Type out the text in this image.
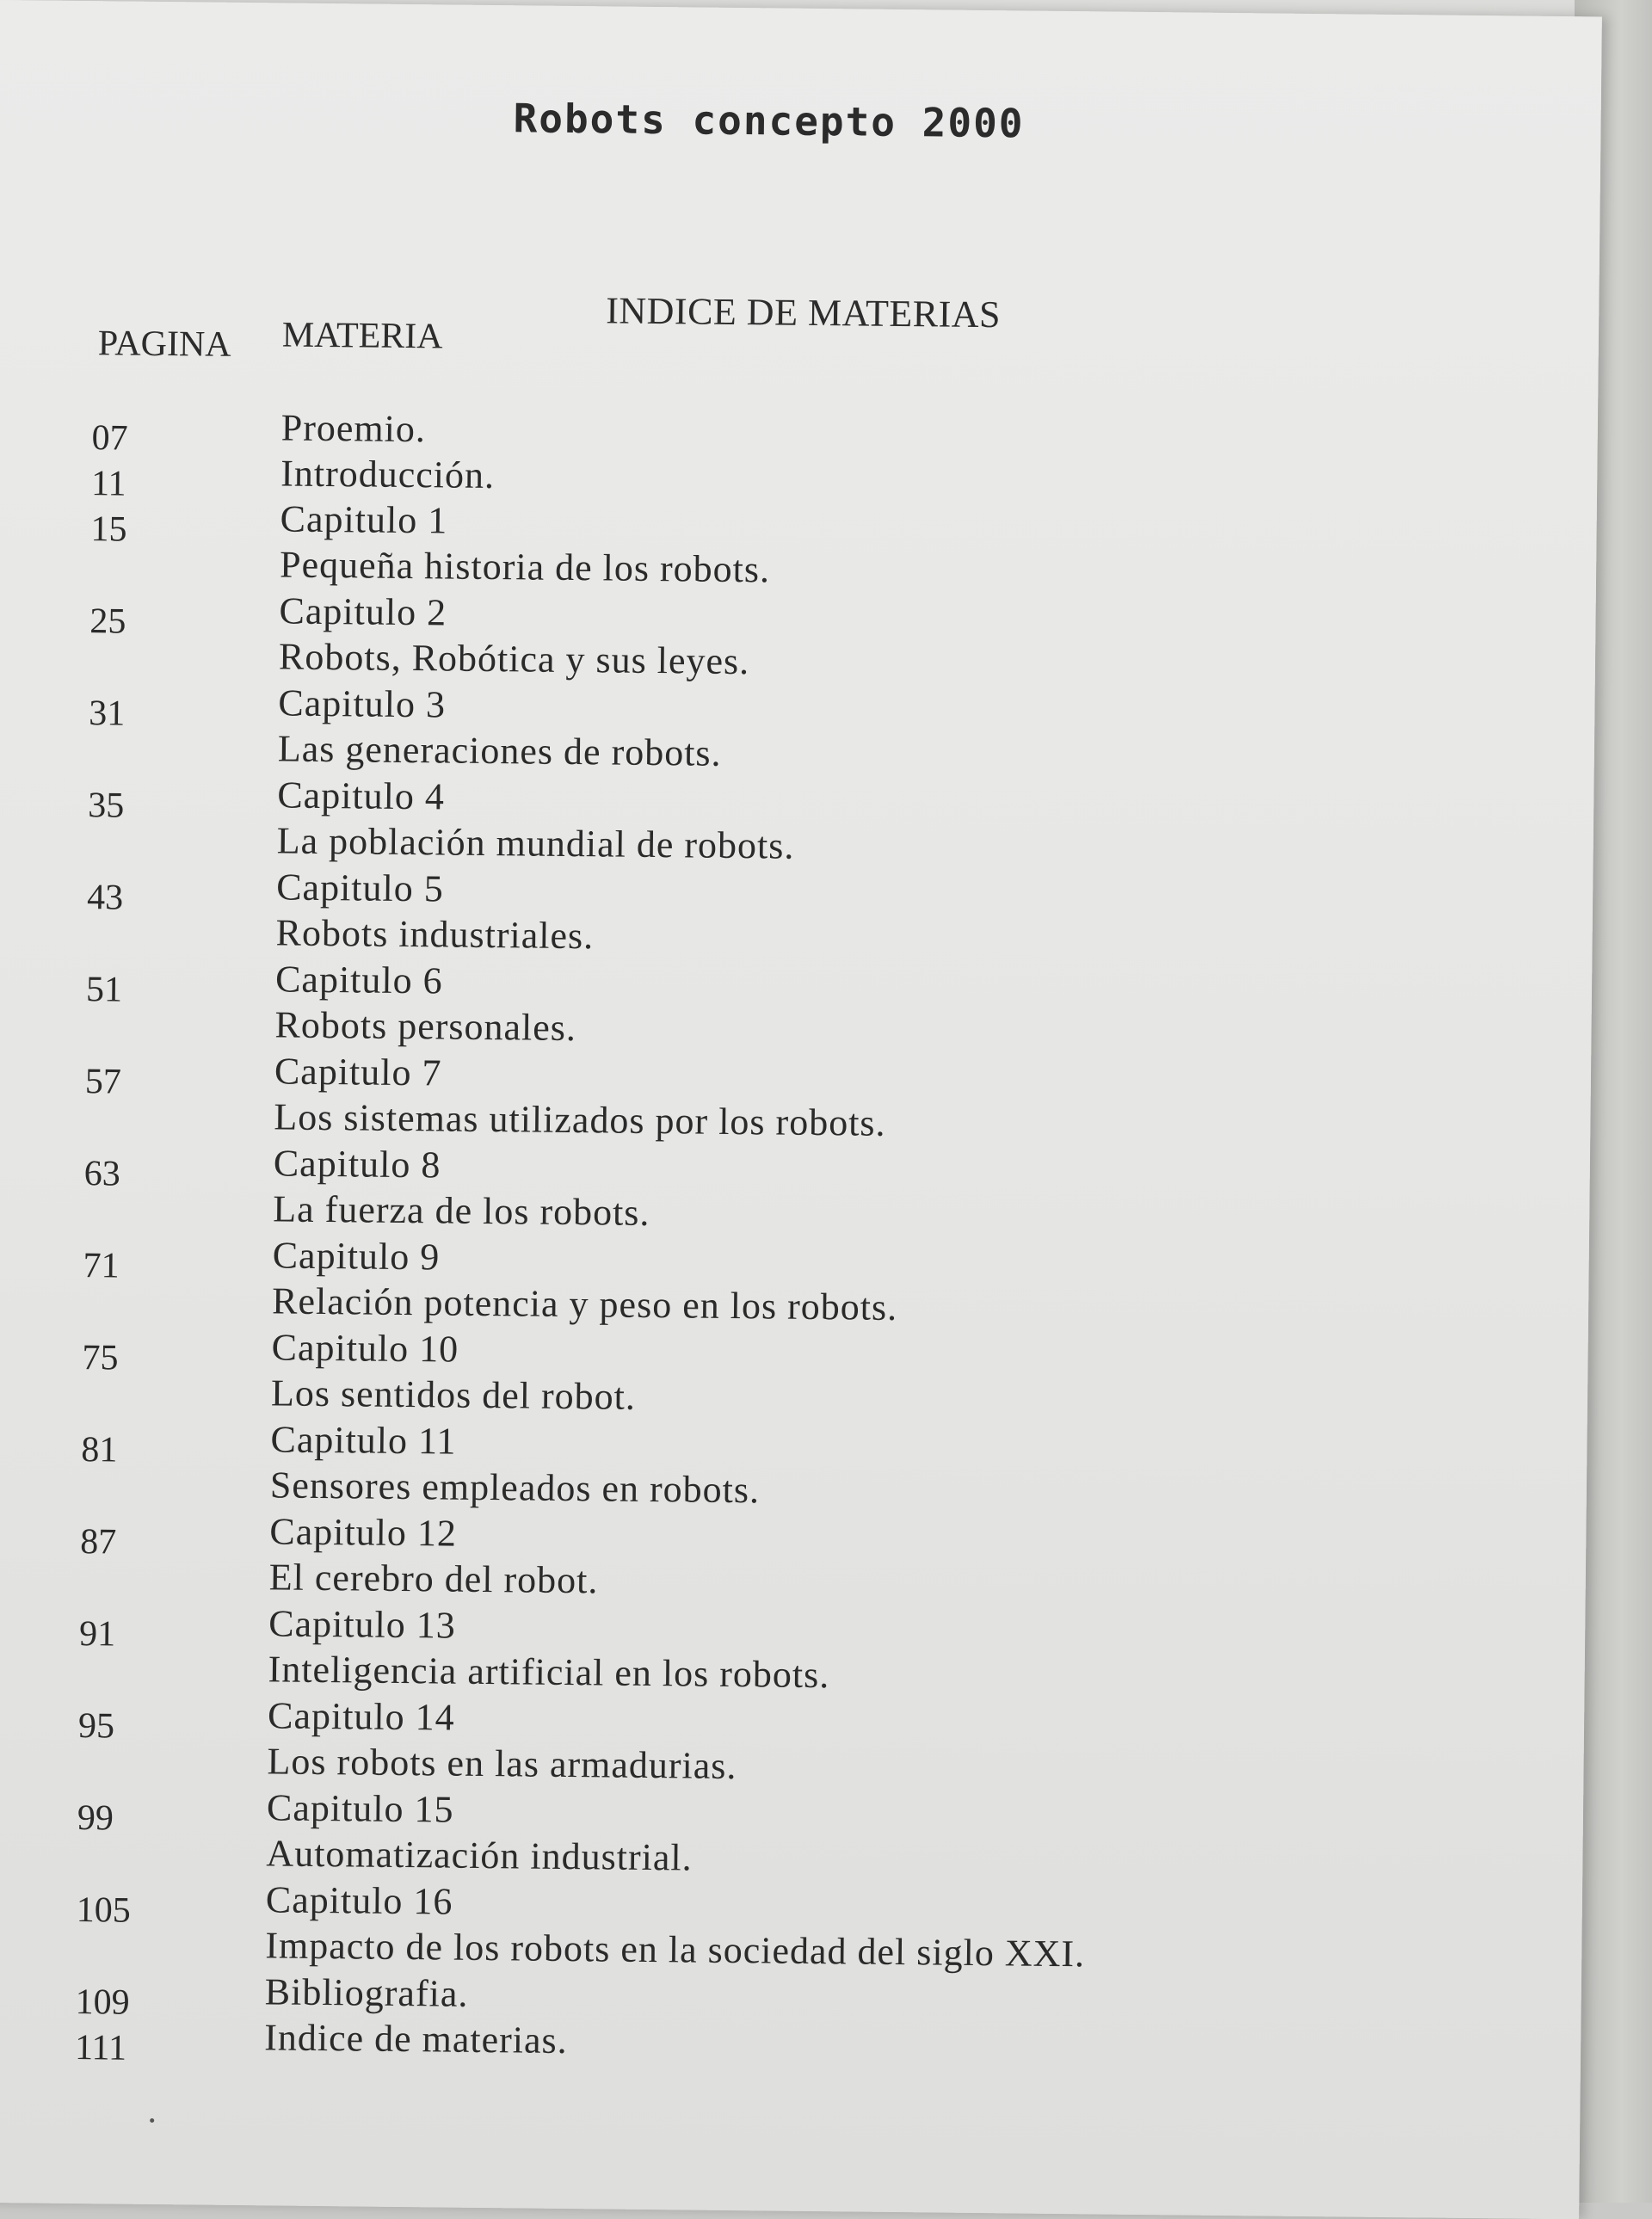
Robots concepto 2000
INDICE DE MATERIAS
PAGINA MATERIA
07	Proemio.
11	Introducción.
15	Capitulo 1
Pequeña historia de los robots.
25	Capitulo 2
Robots, Robótica y sus leyes.
31	Capitulo 3
Las generaciones de robots.
35	Capitulo 4
La población mundial de robots.
43	Capitulo 5
Robots industriales.
51	Capitulo 6
Robots personales.
57	Capitulo 7
Los sistemas utilizados por los robots.
63	Capitulo 8
La fuerza de los robots.
71	Capitulo 9
Relación potencia y peso en los robots.
75	Capitulo 10
Los sentidos del robot.
81	Capitulo 11
Sensores empleados en robots.
87	Capitulo 12
El cerebro del robot.
91	Capitulo 13
Inteligencia artificial en los robots.
95	Capitulo 14
Los robots en las armadurias.
99	Capitulo 15
Automatización industrial.
105	Capitulo 16
Impacto de los robots en la sociedad del siglo XXI.
109	Bibliografia.
111	Indice de materias.
